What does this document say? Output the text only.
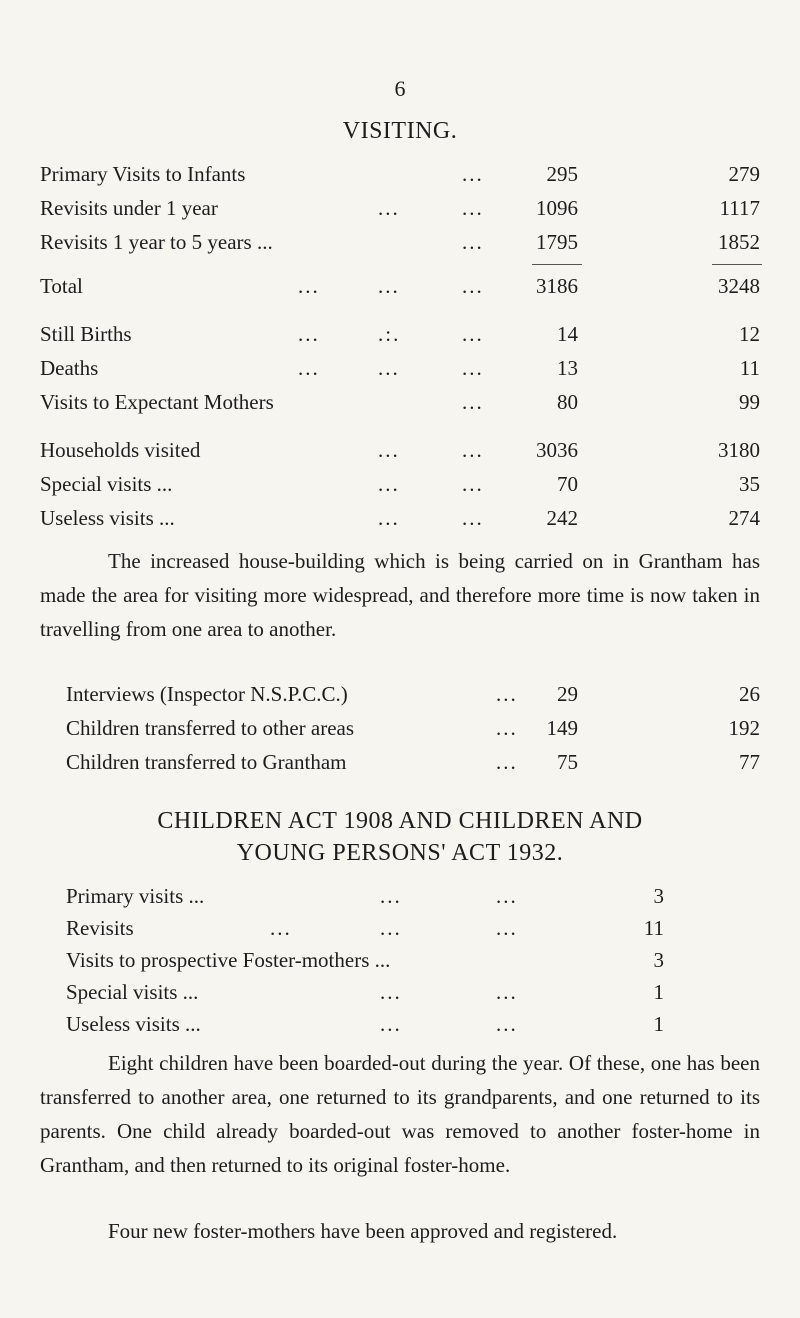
6
VISITING.
Primary Visits to Infants	...	295	279
Revisits under 1 year	...	... 1096	1117
Revisits 1 year to 5 years ...	... 1795	1852
Total	...	...	... 3186	3248
Still Births	...	.:.	...	14	12
Deaths	...	...	...	13	11
Visits to Expectant Mothers	...	80	99
Households visited	...	... 3036	3180
Special visits ...	...	...	70	35
Useless visits ...	...	...	242	274

The increased house-building which is being carried on in Grantham has made the area for visiting more widespread, and therefore more time is now taken in travelling from one area to another.

Interviews (Inspector N.S.P.C.C.)	... 29	26
Children transferred to other areas	... 149	192
Children transferred to Grantham	... 75	77
CHILDREN ACT 1908 AND CHILDREN AND
YOUNG PERSONS' ACT 1932.
Primary visits ...	...	...	3
Revisits	...	...	...	11
Visits to prospective Foster-mothers ...	3
Special visits ...	...	...	1
Useless visits ...	...	...	1

Eight children have been boarded-out during the year. Of these, one has been transferred to another area, one returned to its grandparents, and one returned to its parents. One child already boarded-out was removed to another foster-home in Grantham, and then returned to its original foster-home.

Four new foster-mothers have been approved and registered.
